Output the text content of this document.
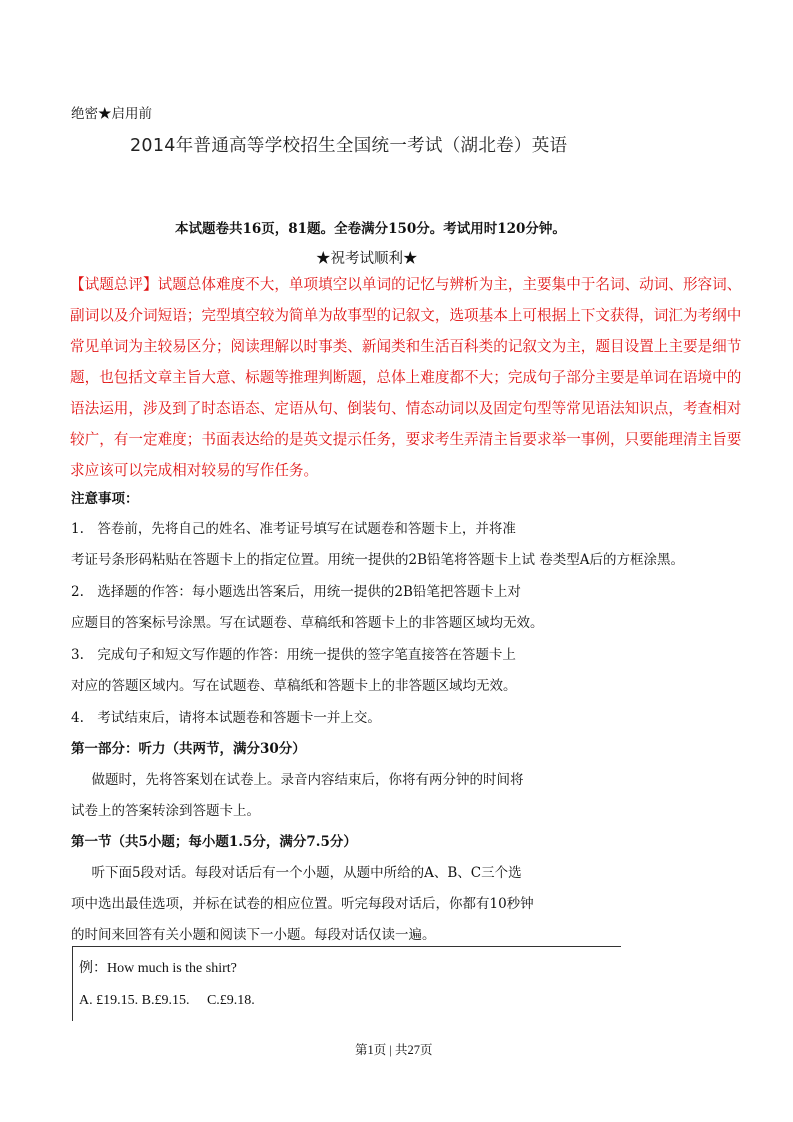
绝密★启用前
2014年普通高等学校招生全国统一考试（湖北卷）英语
本试题卷共16页，81题。全卷满分150分。考试用时120分钟。
★祝考试顺利★
【试题总评】试题总体难度不大，单项填空以单词的记忆与辨析为主，主要集中于名词、动词、形容词、
副词以及介词短语；完型填空较为简单为故事型的记叙文，选项基本上可根据上下文获得，词汇为考纲中
常见单词为主较易区分；阅读理解以时事类、新闻类和生活百科类的记叙文为主，题目设置上主要是细节
题，也包括文章主旨大意、标题等推理判断题，总体上难度都不大；完成句子部分主要是单词在语境中的
语法运用，涉及到了时态语态、定语从句、倒装句、情态动词以及固定句型等常见语法知识点，考查相对
较广，有一定难度；书面表达给的是英文提示任务，要求考生弄清主旨要求举一事例，只要能理清主旨要
求应该可以完成相对较易的写作任务。
注意事项：
1.　答卷前，先将自己的姓名、准考证号填写在试题卷和答题卡上，并将准
考证号条形码粘贴在答题卡上的指定位置。用统一提供的2B铅笔将答题卡上试 卷类型A后的方框涂黑。
2.　选择题的作答：每小题选出答案后，用统一提供的2B铅笔把答题卡上对
应题目的答案标号涂黑。写在试题卷、草稿纸和答题卡上的非答题区域均无效。
3.　完成句子和短文写作题的作答：用统一提供的签字笔直接答在答题卡上
对应的答题区域内。写在试题卷、草稿纸和答题卡上的非答题区域均无效。
4.　考试结束后，请将本试题卷和答题卡一并上交。
第一部分：听力（共两节，满分30分）
　做题时，先将答案划在试卷上。录音内容结束后，你将有两分钟的时间将
试卷上的答案转涂到答题卡上。
第一节（共5小题；每小题1.5分，满分7.5分）
　听下面5段对话。每段对话后有一个小题，从题中所给的A、B、C三个选
项中选出最佳选项，并标在试卷的相应位置。听完每段对话后，你都有10秒钟
的时间来回答有关小题和阅读下一小题。每段对话仅读一遍。
例：How much is the shirt?
A. £19.15. B.£9.15.　 C.£9.18.
第1页 | 共27页
